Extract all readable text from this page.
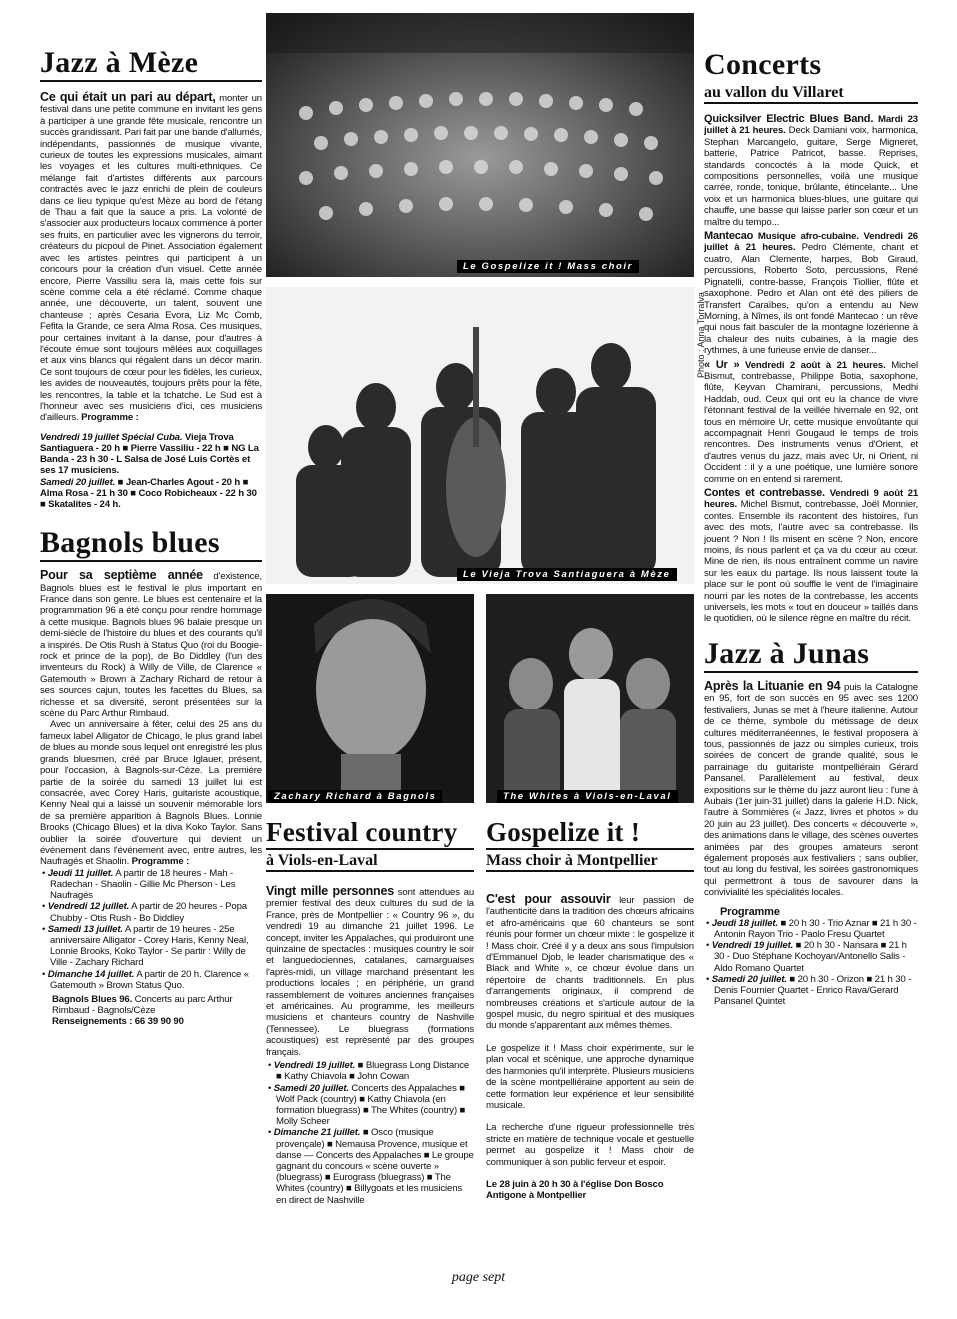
Jazz à Mèze

Ce qui était un pari au départ, monter un festival dans une petite commune en invitant les gens à participer à une grande fête musicale, rencontre un succès grandissant. Pari fait par une bande d'allumés, indépendants, passionnés de musique vivante, curieux de toutes les expressions musicales, aimant les voyages et les cultures multi-ethniques. Ce mélange fait d'artistes différents aux parcours contractés avec le jazz enrichi de plein de couleurs dans ce lieu typique qu'est Mèze au bord de l'étang de Thau a fait que la sauce a pris. La volonté de s'associer aux producteurs locaux commence à porter ses fruits, en particulier avec les vignerons du terroir, créateurs du picpoul de Pinet. Association également avec les artistes peintres qui participent à un concours pour la création d'un visuel. Cette année encore, Pierre Vassiliu sera là, mais cette fois sur scène comme cela a été réclamé. Comme chaque année, une découverte, un talent, souvent une chanteuse ; après Cesaria Evora, Liz Mc Comb, Fefita la Grande, ce sera Alma Rosa. Ces musiques, pour certaines invitant à la danse, pour d'autres à l'écoute émue sont toujours mêlées aux coquillages et aux vins blancs qui régalent dans un décor marin. Ce sont toujours de cœur pour les fidèles, les curieux, les avides de nouveautés, toujours prêts pour la fête, les rencontres, la table et la tchatche. Le Sud est à l'honneur avec ses musiciens d'ici, ces musiciens d'ailleurs. Programme :

Vendredi 19 juillet Spécial Cuba. Vieja Trova Santiaguera - 20 h ■ Pierre Vassiliu - 22 h ■ NG La Banda - 23 h 30 - L Salsa de José Luis Cortès et ses 17 musiciens.

Samedi 20 juillet. ■ Jean-Charles Agout - 20 h ■ Alma Rosa - 21 h 30 ■ Coco Robicheaux - 22 h 30 ■ Skatalites - 24 h.

Bagnols blues

Pour sa septième année d'existence, Bagnols blues est le festival le plus important en France dans son genre. Le blues est centenaire et la programmation 96 a été conçu pour rendre hommage à cette musique. Bagnols blues 96 balaie presque un demi-siècle de l'histoire du blues et des courants qu'il a inspirés. De Otis Rush à Status Quo (roi du Boogie-rock et prince de la pop), de Bo Diddley (l'un des inventeurs du Rock) à Willy de Ville, de Clarence « Gatemouth » Brown à Zachary Richard de retour à ses sources cajun, toutes les facettes du Blues, sa richesse et sa diversité, seront présentées sur la scène du Parc Arthur Rimbaud.

Avec un anniversaire à fêter, celui des 25 ans du fameux label Alligator de Chicago, le plus grand label de blues au monde sous lequel ont enregistré les plus grands bluesmen, créé par Bruce Iglauer, présent, pour l'occasion, à Bagnols-sur-Cèze. La première partie de la soirée du samedi 13 juillet lui est consacrée, avec Corey Haris, guitariste acoustique, Kenny Neal qui a laissé un souvenir mémorable lors de sa première apparition à Bagnols Blues. Lonnie Brooks (Chicago Blues) et la diva Koko Taylor. Sans oublier la soirée d'ouverture qui devient un événement dans l'événement avec, entre autres, les Naufragés et Shaolin. Programme :

• Jeudi 11 juillet. A partir de 18 heures - Mah - Radechan - Shaolin - Gillie Mc Pherson - Les Naufragés
• Vendredi 12 juillet. A partir de 20 heures - Popa Chubby - Otis Rush - Bo Diddley
• Samedi 13 juillet. A partir de 19 heures - 25e anniversaire Alligator - Corey Haris, Kenny Neal, Lonnie Brooks, Koko Taylor - Se partir : Willy de Ville - Zachary Richard
• Dimanche 14 juillet. A partir de 20 h. Clarence « Gatemouth » Brown Status Quo.

Bagnols Blues 96. Concerts au parc Arthur Rimbaud - Bagnols/Cèze

Renseignements : 66 39 90 90

Le Gospelize it ! Mass choir
Le Vieja Trova Santiaguera à Mèze
Photo : Anna Torralva
Zachary Richard à Bagnols	The Whites à Viols-en-Laval
Festival country
à Viols-en-Laval

Vingt mille personnes sont attendues au premier festival des deux cultures du sud de la France, près de Montpellier : « Country 96 », du vendredi 19 au dimanche 21 juillet 1996. Le concept, inviter les Appalaches, qui produiront une quinzaine de spectacles : musiques country le soir et languedociennes, catalanes, camarguaises l'après-midi, un village marchand présentant les productions locales ; en périphérie, un grand rassemblement de voitures anciennes françaises et américaines. Au programme, les meilleurs musiciens et chanteurs country de Nashville (Tennessee). Le bluegrass (formations acoustiques) est représenté par des groupes français.

• Vendredi 19 juillet. ■ Bluegrass Long Distance ■ Kathy Chiavola ■ John Cowan
• Samedi 20 juillet. Concerts des Appalaches ■ Wolf Pack (country) ■ Kathy Chiavola (en formation bluegrass) ■ The Whites (country) ■ Molly Scheer
• Dimanche 21 juillet. ■ Osco (musique provençale) ■ Nemausa Provence, musique et danse — Concerts des Appalaches ■ Le groupe gagnant du concours « scène ouverte » (bluegrass) ■ Eurograss (bluegrass) ■ The Whites (country) ■ Billygoats et les musiciens en direct de Nashville
Gospelize it !
Mass choir à Montpellier

C'est pour assouvir leur passion de l'authenticité dans la tradition des chœurs africains et afro-américains que 60 chanteurs se sont réunis pour former un chœur mixte : le gospelize it ! Mass choir. Créé il y a deux ans sous l'impulsion d'Emmanuel Djob, le leader charismatique des « Black and White », ce chœur évolue dans un répertoire de chants traditionnels. En plus d'arrangements originaux, il comprend de nombreuses créations et s'articule autour de la gospel music, du negro spiritual et des musiques du monde s'apparentant aux mêmes thèmes.

Le gospelize it ! Mass choir expérimente, sur le plan vocal et scénique, une approche dynamique des harmonies qu'il interprète. Plusieurs musiciens de la scène montpelliéraine apportent au sein de cette formation leur expérience et leur sensibilité musicale.

La recherche d'une rigueur professionnelle très stricte en matière de technique vocale et gestuelle permet au gospelize it ! Mass choir de communiquer à son public ferveur et espoir.

Le 28 juin à 20 h 30 à l'église Don Bosco Antigone à Montpellier

Concerts
au vallon du Villaret

Quicksilver Electric Blues Band. Mardi 23 juillet à 21 heures. Deck Damiani voix, harmonica, Stephan Marcangelo, guitare, Serge Migneret, batterie, Patrice Patricot, basse. Reprises, standards concoctés à la mode Quick, et compositions personnelles, voilà une musique carrée, ronde, tonique, brûlante, étincelante... Une voix et un harmonica blues-blues, une guitare qui chauffe, une basse qui laisse parler son cœur et un maître du tempo...

Mantecao Musique afro-cubaine. Vendredi 26 juillet à 21 heures. Pedro Clémente, chant et cuatro, Alan Clemente, harpes, Bob Giraud, percussions, Roberto Soto, percussions, René Pignatelli, contre-basse, François Tiollier, flûte et saxophone. Pedro et Alan ont été des piliers de Transfert Caraïbes, qu'on a entendu au New Morning, à Nîmes, ils ont fondé Mantecao : un rêve qui nous fait basculer de la montagne lozérienne à la chaleur des nuits cubaines, à la magie des rythmes, à une furieuse envie de danser...

« Ur » Vendredi 2 août à 21 heures. Michel Bismut, contrebasse, Philippe Botia, saxophone, flûte, Keyvan Chamirani, percussions, Medhi Haddab, oud. Ceux qui ont eu la chance de vivre l'étonnant festival de la veillée hivernale en 92, ont tous en mémoire Ur, cette musique envoûtante qui accompagnait Henri Gougaud le temps de trois rencontres. Des instruments venus d'Orient, et d'autres venus du jazz, mais avec Ur, ni Orient, ni Occident : il y a une poétique, une lumière sonore comme on en entend si rarement.

Contes et contrebasse. Vendredi 9 août 21 heures. Michel Bismut, contrebasse, Joël Monnier, contes. Ensemble ils racontent des histoires, l'un avec des mots, l'autre avec sa contrebasse. Ils jouent ? Non ! Ils misent en scène ? Non, encore moins, ils nous parlent et ça va du cœur au cœur. Mine de rien, ils nous entraînent comme un navire sur les eaux du partage. Ils nous laissent toute la place sur le pont où souffle le vent de l'imaginaire nourri par les notes de la contrebasse, les accents universels, les mots « tout en douceur » taillés dans le quotidien, où le silence règne en maître du récit.

Jazz à Junas

Après la Lituanie en 94 puis la Catalogne en 95, fort de son succès en 95 avec ses 1200 festivaliers, Junas se met à l'heure italienne. Autour de ce thème, symbole du métissage de deux cultures méditerranéennes, le festival proposera à tous, passionnés de jazz ou simples curieux, trois soirées de concert de grande qualité, sous le parrainage du guitariste montpelliérain Gérard Pansanel. Parallèlement au festival, deux expositions sur le thème du jazz auront lieu : l'une à Aubais (1er juin-31 juillet) dans la galerie H.D. Nick, l'autre à Sommières (« Jazz, livres et photos » du 20 juin au 23 juillet). Des concerts « découverte », des animations dans le village, des scènes ouvertes animées par des groupes amateurs seront également proposés aux festivaliers ; sans oublier, tout au long du festival, les soirées gastronomiques qui permettront à tous de savourer dans la convivialité les spécialités locales.

Programme

• Jeudi 18 juillet. ■ 20 h 30 - Trio Aznar ■ 21 h 30 - Antonin Rayon Trio - Paolo Fresu Quartet
• Vendredi 19 juillet. ■ 20 h 30 - Nansara ■ 21 h 30 - Duo Stéphane Kochoyan/Antonello Salis - Aldo Romano Quartet
• Samedi 20 juillet. ■ 20 h 30 - Orizon ■ 21 h 30 - Denis Fournier Quartet - Enrico Rava/Gerard Pansanel Quintet
page sept
